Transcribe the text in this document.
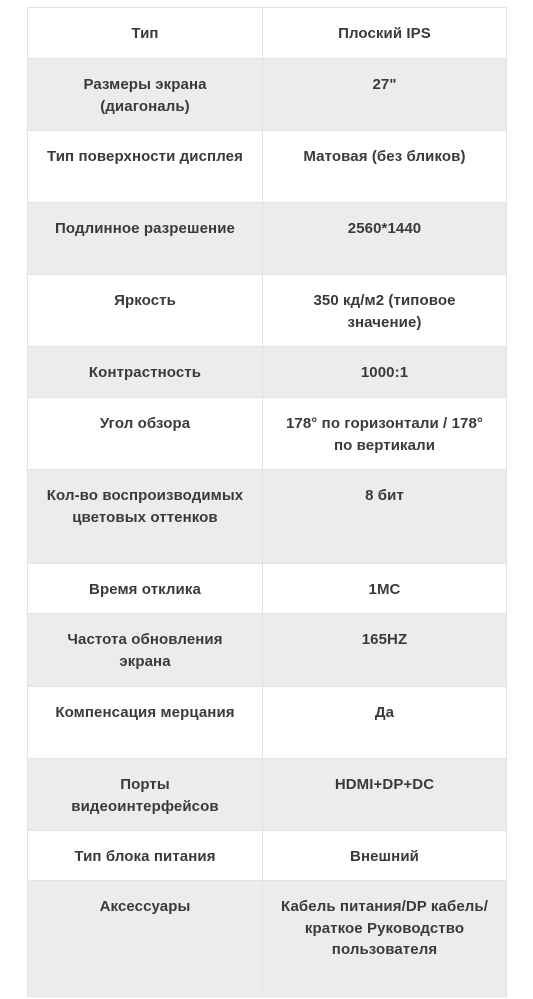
Тип	Плоский IPS
Размеры экрана (диагональ)	27"
Тип поверхности дисплея	Матовая (без бликов)
Подлинное разрешение	2560*1440
Яркость	350 кд/м2 (типовое значение)
Контрастность	1000:1
Угол обзора	178° по горизонтали / 178° по вертикали
Кол-во воспроизводимых цветовых оттенков	8 бит
Время отклика	1МС
Частота обновления экрана	165HZ
Компенсация мерцания	Да
Порты видеоинтерфейсов	HDMI+DP+DC
Тип блока питания	Внешний
Аксессуары	Кабель питания/DP кабель/краткое Руководство пользователя
